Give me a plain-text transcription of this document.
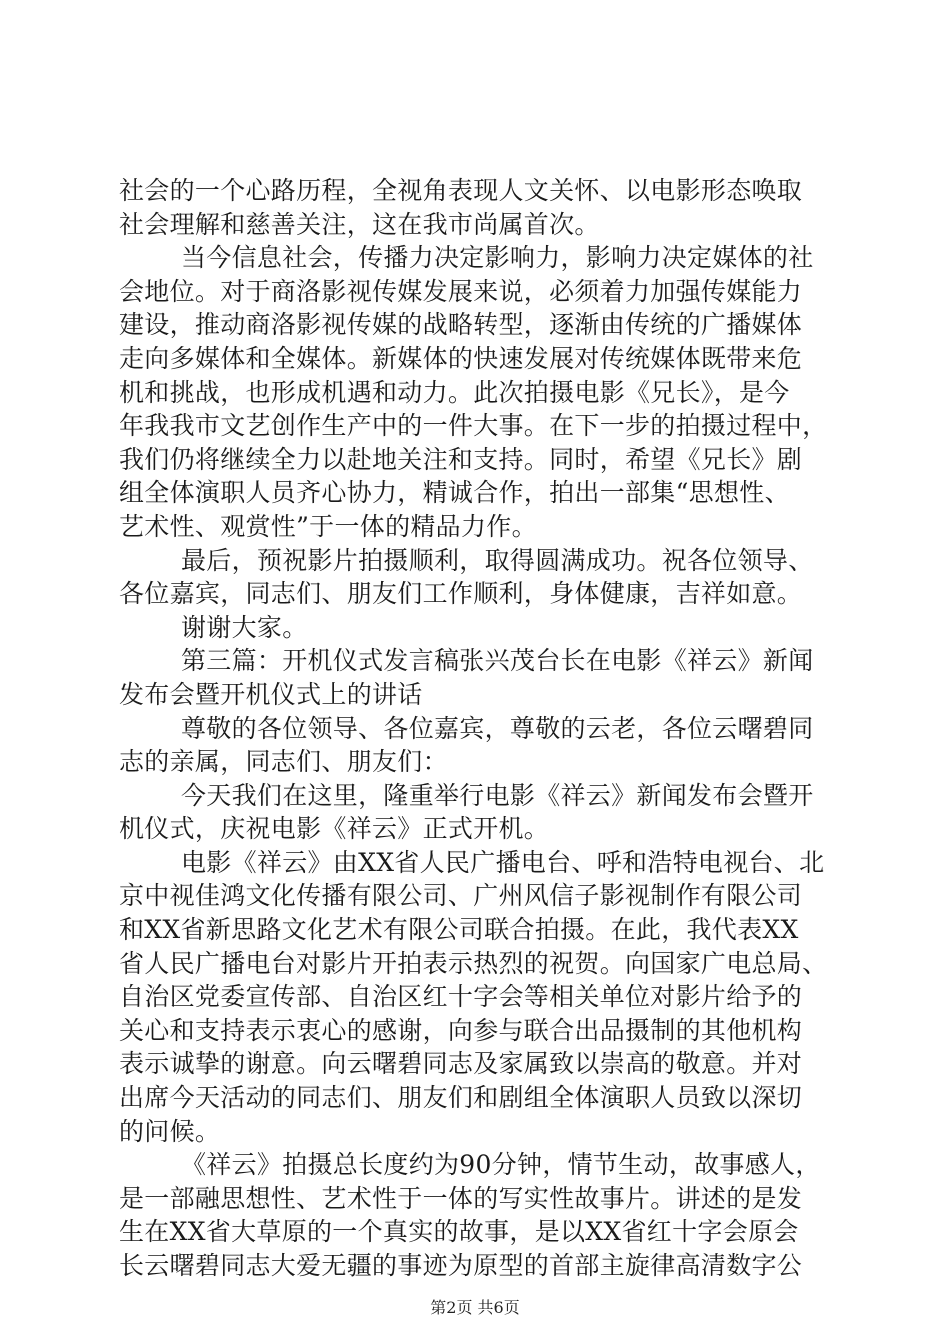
社会的一个心路历程，全视角表现人文关怀、以电影形态唤取
社会理解和慈善关注，这在我市尚属首次。
当今信息社会，传播力决定影响力，影响力决定媒体的社
会地位。对于商洛影视传媒发展来说，必须着力加强传媒能力
建设，推动商洛影视传媒的战略转型，逐渐由传统的广播媒体
走向多媒体和全媒体。新媒体的快速发展对传统媒体既带来危
机和挑战，也形成机遇和动力。此次拍摄电影《兄长》，是今
年我我市文艺创作生产中的一件大事。在下一步的拍摄过程中，
我们仍将继续全力以赴地关注和支持。同时，希望《兄长》剧
组全体演职人员齐心协力，精诚合作，拍出一部集“思想性、
艺术性、观赏性”于一体的精品力作。
最后，预祝影片拍摄顺利，取得圆满成功。祝各位领导、
各位嘉宾，同志们、朋友们工作顺利，身体健康，吉祥如意。
谢谢大家。
第三篇：开机仪式发言稿张兴茂台长在电影《祥云》新闻
发布会暨开机仪式上的讲话
尊敬的各位领导、各位嘉宾，尊敬的云老，各位云曙碧同
志的亲属，同志们、朋友们：
今天我们在这里，隆重举行电影《祥云》新闻发布会暨开
机仪式，庆祝电影《祥云》正式开机。
电影《祥云》由XX省人民广播电台、呼和浩特电视台、北
京中视佳鸿文化传播有限公司、广州风信子影视制作有限公司
和XX省新思路文化艺术有限公司联合拍摄。在此，我代表XX
省人民广播电台对影片开拍表示热烈的祝贺。向国家广电总局、
自治区党委宣传部、自治区红十字会等相关单位对影片给予的
关心和支持表示衷心的感谢，向参与联合出品摄制的其他机构
表示诚挚的谢意。向云曙碧同志及家属致以崇高的敬意。并对
出席今天活动的同志们、朋友们和剧组全体演职人员致以深切
的问候。
《祥云》拍摄总长度约为90分钟，情节生动，故事感人，
是一部融思想性、艺术性于一体的写实性故事片。讲述的是发
生在XX省大草原的一个真实的故事，是以XX省红十字会原会
长云曙碧同志大爱无疆的事迹为原型的首部主旋律高清数字公
第2页 共6页
